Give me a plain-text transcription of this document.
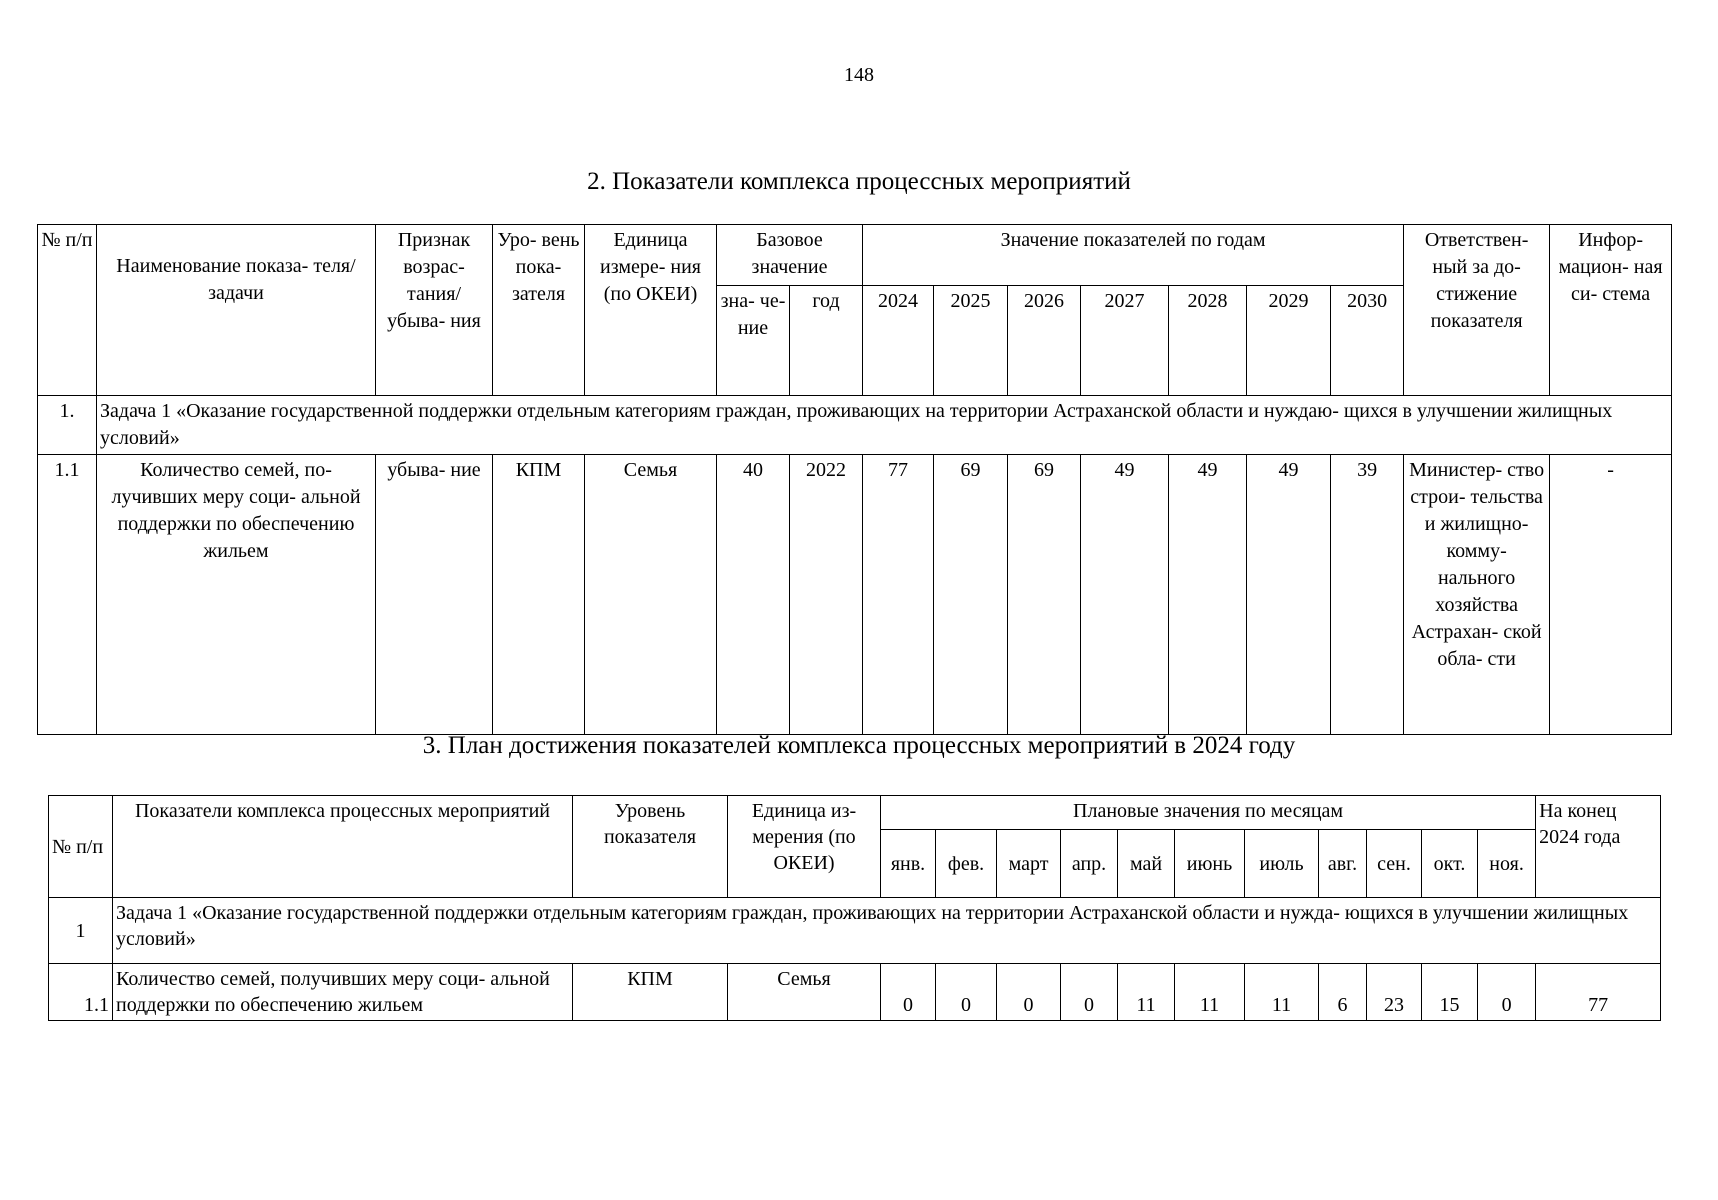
148
2. Показатели комплекса процессных мероприятий
№ п/п	Наименование показа- теля/задачи	Признак возрас- тания/ убыва- ния	Уро- вень пока- зателя	Единица измере- ния (по ОКЕИ)	Базовое значение		Значение показателей по годам							Ответствен- ный за до- стижение показателя	Инфор- мацион- ная си- стема
					зна- че- ние	год	2024	2025	2026	2027	2028	2029	2030		
1.	Задача 1 «Оказание государственной поддержки отдельным категориям граждан, проживающих на территории Астраханской области и нуждаю- щихся в улучшении жилищных условий»														
1.1	Количество семей, по- лучивших меру соци- альной поддержки по обеспечению жильем	убыва- ние	КПМ	Семья	40	2022	77	69	69	49	49	49	39	Министер- ство строи- тельства и жилищно- комму- нального хозяйства Астрахан- ской обла- сти	-
3. План достижения показателей комплекса процессных мероприятий в 2024 году
№ п/п	Показатели комплекса процессных мероприятий	Уровень показателя	Единица из- мерения (по ОКЕИ)	Плановые значения по месяцам											На конец 2024 года
				янв.	фев.	март	апр.	май	июнь	июль	авг.	сен.	окт.	ноя.	
1	Задача 1 «Оказание государственной поддержки отдельным категориям граждан, проживающих на территории Астраханской области и нужда- ющихся в улучшении жилищных условий»														
1.1	Количество семей, получивших меру соци- альной поддержки по обеспечению жильем	КПМ	Семья	0	0	0	0	11	11	11	6	23	15	0	77
